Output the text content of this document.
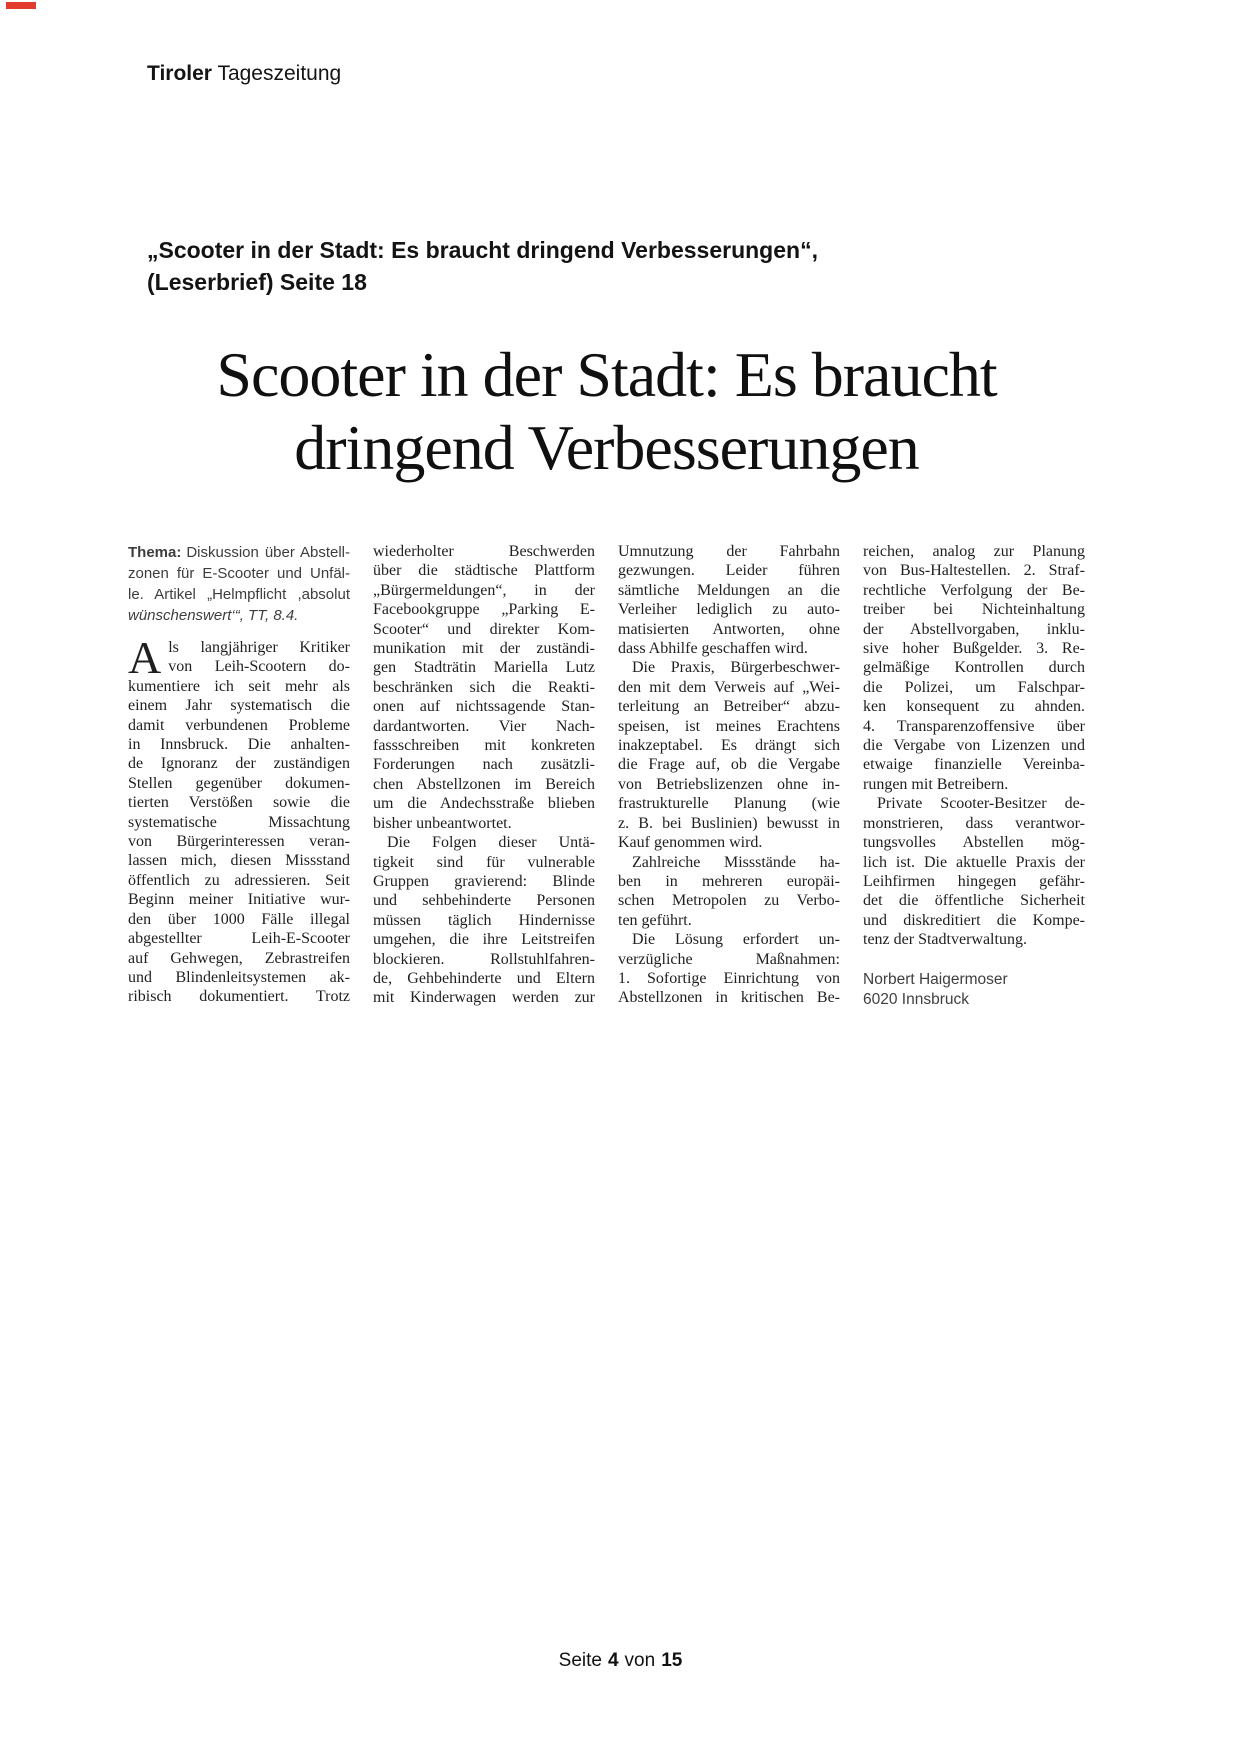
Tiroler Tageszeitung
„Scooter in der Stadt: Es braucht dringend Verbesserungen“,
(Leserbrief) Seite 18
Scooter in der Stadt: Es braucht
dringend Verbesserungen
Thema: Diskussion über Abstell-
zonen für E-Scooter und Unfäl-
le. Artikel „Helmpflicht ,absolut
wünschenswert‘“, TT, 8.4.
A ls langjähriger Kritiker
von Leih-Scootern do-
kumentiere ich seit mehr als
einem Jahr systematisch die
damit verbundenen Probleme
in Innsbruck. Die anhalten-
de Ignoranz der zuständigen
Stellen gegenüber dokumen-
tierten Verstößen sowie die
systematische Missachtung
von Bürgerinteressen veran-
lassen mich, diesen Missstand
öffentlich zu adressieren. Seit
Beginn meiner Initiative wur-
den über 1000 Fälle illegal
abgestellter Leih-E-Scooter
auf Gehwegen, Zebrastreifen
und Blindenleitsystemen ak-
ribisch dokumentiert. Trotz
wiederholter Beschwerden
über die städtische Plattform
„Bürgermeldungen“, in der
Facebookgruppe „Parking E-
Scooter“ und direkter Kom-
munikation mit der zuständi-
gen Stadträtin Mariella Lutz
beschränken sich die Reakti-
onen auf nichtssagende Stan-
dardantworten. Vier Nach-
fassschreiben mit konkreten
Forderungen nach zusätzli-
chen Abstellzonen im Bereich
um die Andechsstraße blieben
bisher unbeantwortet.
Die Folgen dieser Untä-
tigkeit sind für vulnerable
Gruppen gravierend: Blinde
und sehbehinderte Personen
müssen täglich Hindernisse
umgehen, die ihre Leitstreifen
blockieren. Rollstuhlfahren-
de, Gehbehinderte und Eltern
mit Kinderwagen werden zur
Umnutzung der Fahrbahn
gezwungen. Leider führen
sämtliche Meldungen an die
Verleiher lediglich zu auto-
matisierten Antworten, ohne
dass Abhilfe geschaffen wird.
Die Praxis, Bürgerbeschwer-
den mit dem Verweis auf „Wei-
terleitung an Betreiber“ abzu-
speisen, ist meines Erachtens
inakzeptabel. Es drängt sich
die Frage auf, ob die Vergabe
von Betriebslizenzen ohne in-
frastrukturelle Planung (wie
z. B. bei Buslinien) bewusst in
Kauf genommen wird.
Zahlreiche Missstände ha-
ben in mehreren europäi-
schen Metropolen zu Verbo-
ten geführt.
Die Lösung erfordert un-
verzügliche Maßnahmen:
1. Sofortige Einrichtung von
Abstellzonen in kritischen Be-
reichen, analog zur Planung
von Bus-Haltestellen. 2. Straf-
rechtliche Verfolgung der Be-
treiber bei Nichteinhaltung
der Abstellvorgaben, inklu-
sive hoher Bußgelder. 3. Re-
gelmäßige Kontrollen durch
die Polizei, um Falschpar-
ken konsequent zu ahnden.
4. Transparenzoffensive über
die Vergabe von Lizenzen und
etwaige finanzielle Vereinba-
rungen mit Betreibern.
Private Scooter-Besitzer de-
monstrieren, dass verantwor-
tungsvolles Abstellen mög-
lich ist. Die aktuelle Praxis der
Leihfirmen hingegen gefähr-
det die öffentliche Sicherheit
und diskreditiert die Kompe-
tenz der Stadtverwaltung.
Norbert Haigermoser
6020 Innsbruck
Seite 4 von 15
